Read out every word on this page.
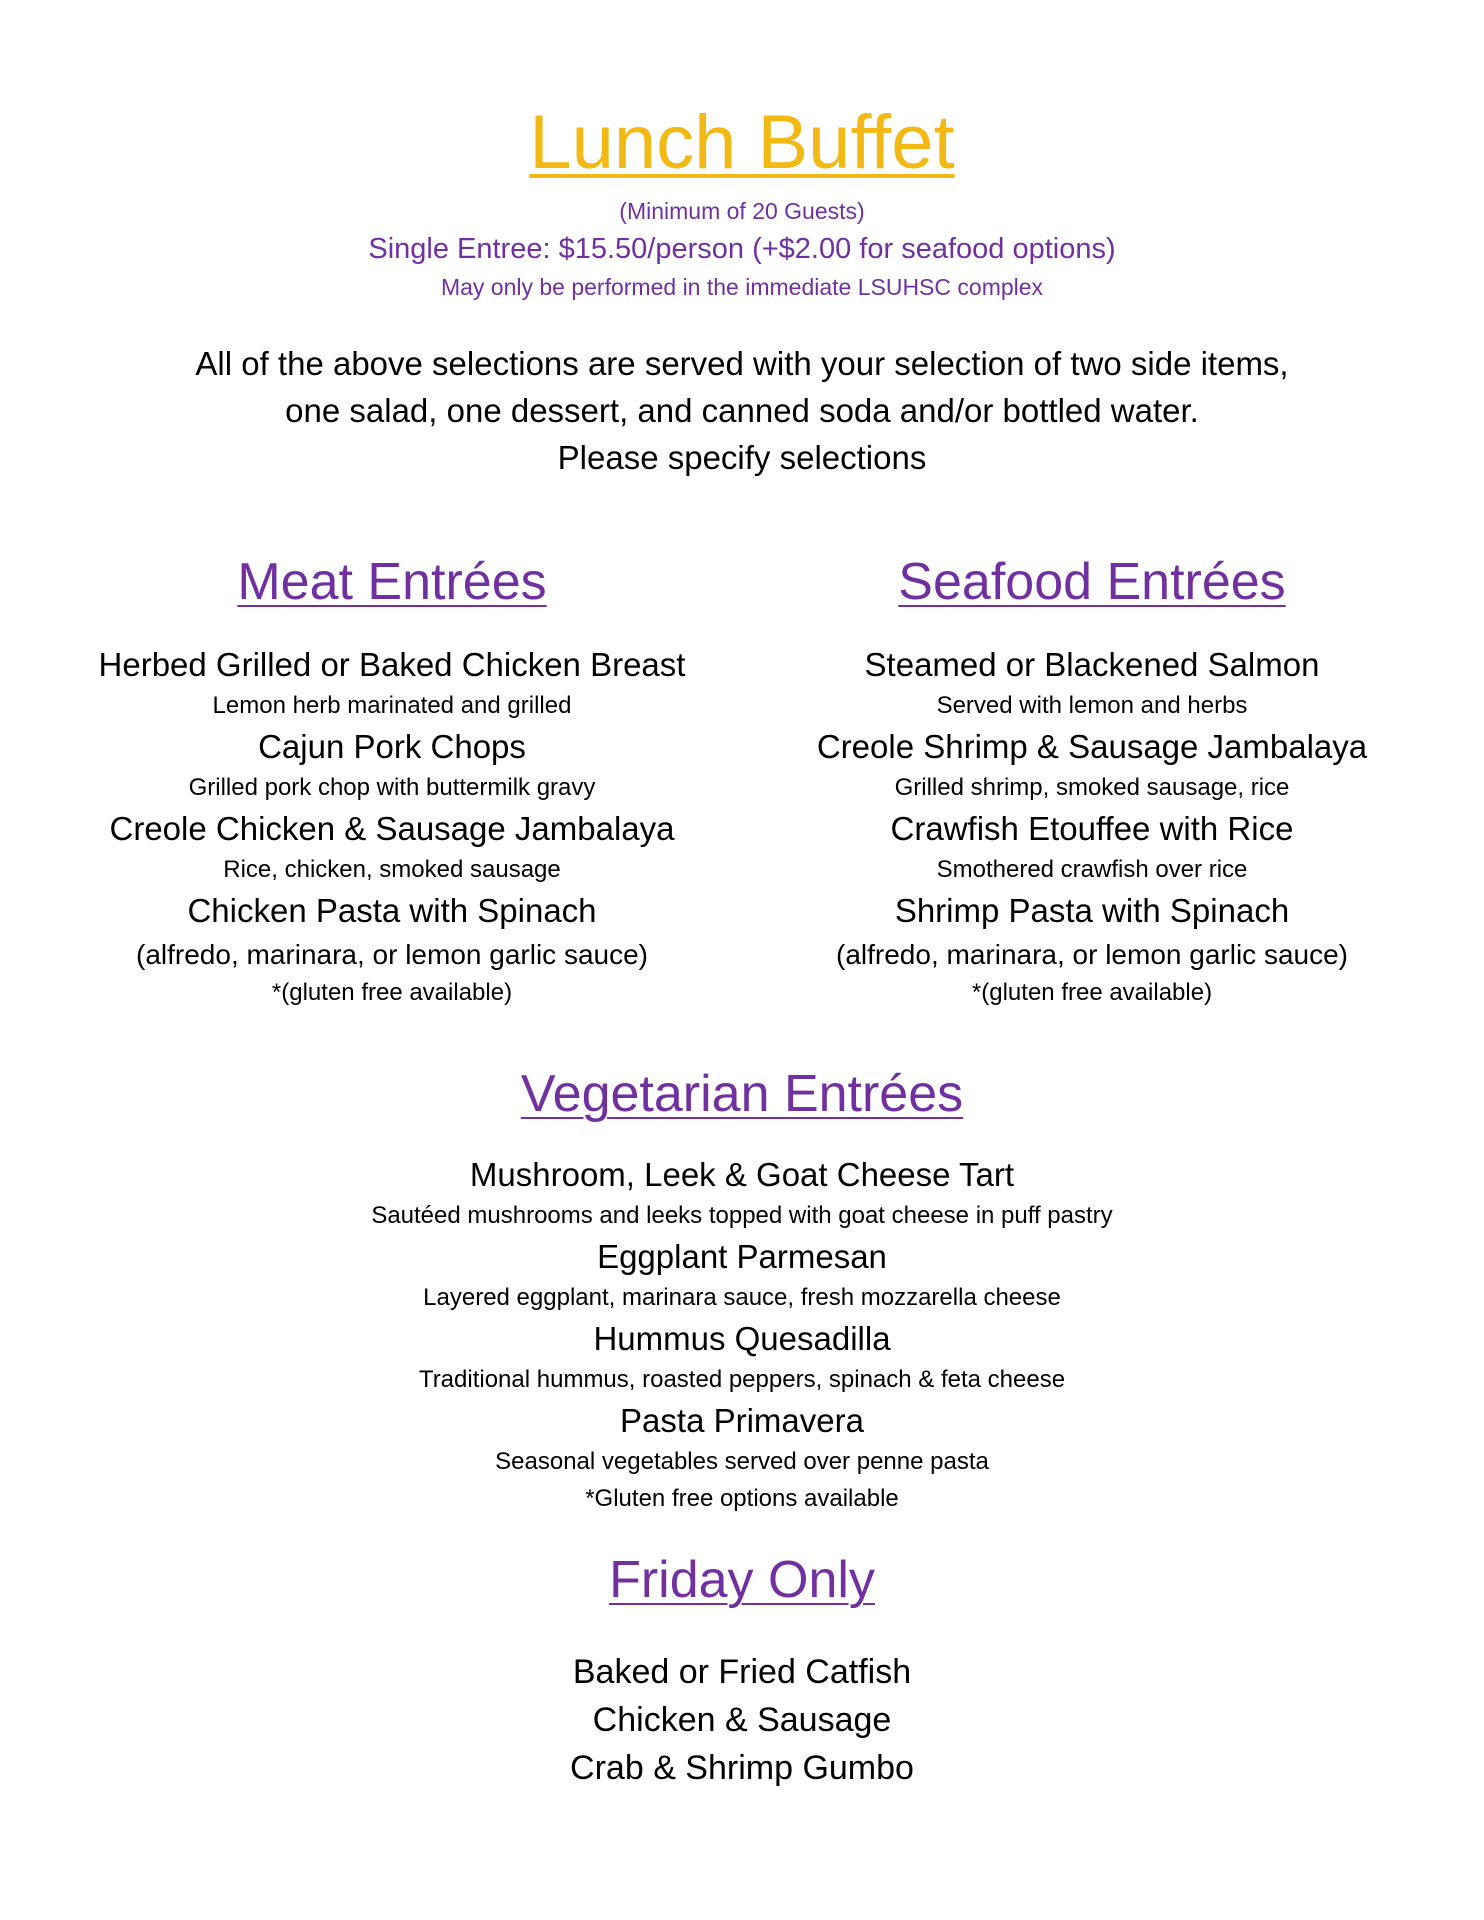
Lunch Buffet
(Minimum of 20 Guests)
Single Entree: $15.50/person (+$2.00 for seafood options)
May only be performed in the immediate LSUHSC complex
All of the above selections are served with your selection of two side items,
one salad, one dessert, and canned soda and/or bottled water.
Please specify selections
Meat Entrées
Herbed Grilled or Baked Chicken Breast
Lemon herb marinated and grilled
Cajun Pork Chops
Grilled pork chop with buttermilk gravy
Creole Chicken & Sausage Jambalaya
Rice, chicken, smoked sausage
Chicken Pasta with Spinach
(alfredo, marinara, or lemon garlic sauce)
*(gluten free available)
Seafood Entrées
Steamed or Blackened Salmon
Served with lemon and herbs
Creole Shrimp & Sausage Jambalaya
Grilled shrimp, smoked sausage, rice
Crawfish Etouffee with Rice
Smothered crawfish over rice
Shrimp Pasta with Spinach
(alfredo, marinara, or lemon garlic sauce)
*(gluten free available)
Vegetarian Entrées
Mushroom, Leek & Goat Cheese Tart
Sautéed mushrooms and leeks topped with goat cheese in puff pastry
Eggplant Parmesan
Layered eggplant, marinara sauce, fresh mozzarella cheese
Hummus Quesadilla
Traditional hummus, roasted peppers, spinach & feta cheese
Pasta Primavera
Seasonal vegetables served over penne pasta
*Gluten free options available
Friday Only
Baked or Fried Catfish
Chicken & Sausage
Crab & Shrimp Gumbo
